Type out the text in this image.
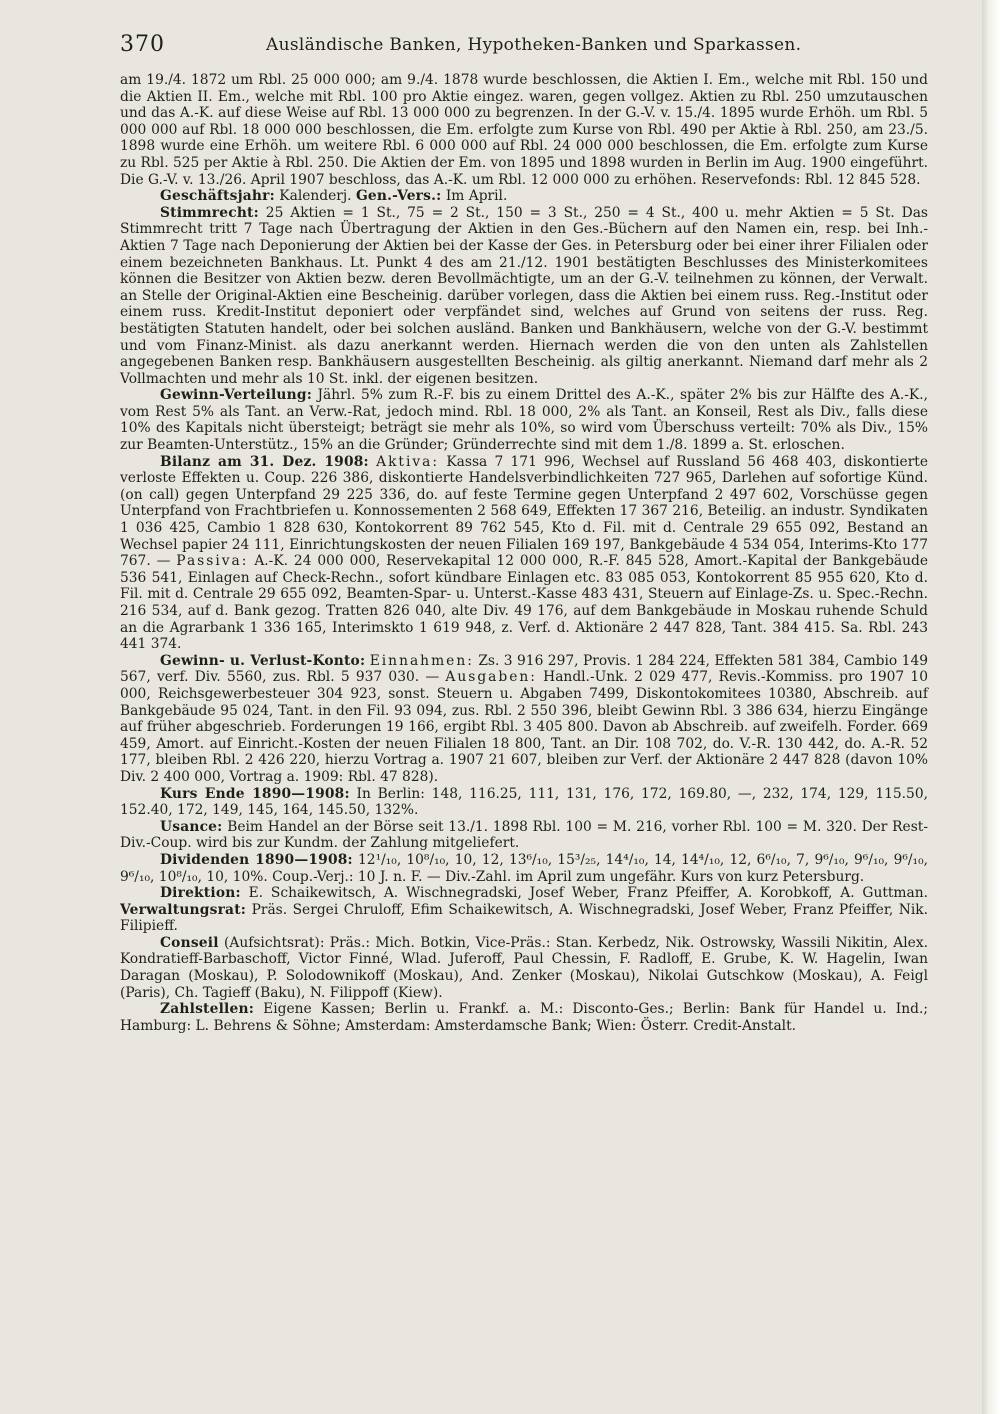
370	Ausländische Banken, Hypotheken-Banken und Sparkassen.

am 19./4. 1872 um Rbl. 25 000 000; am 9./4. 1878 wurde beschlossen, die Aktien I. Em., welche mit Rbl. 150 und die Aktien II. Em., welche mit Rbl. 100 pro Aktie eingez. waren, gegen vollgez. Aktien zu Rbl. 250 umzutauschen und das A.-K. auf diese Weise auf Rbl. 13 000 000 zu begrenzen. In der G.-V. v. 15./4. 1895 wurde Erhöh. um Rbl. 5 000 000 auf Rbl. 18 000 000 beschlossen, die Em. erfolgte zum Kurse von Rbl. 490 per Aktie à Rbl. 250, am 23./5. 1898 wurde eine Erhöh. um weitere Rbl. 6 000 000 auf Rbl. 24 000 000 beschlossen, die Em. erfolgte zum Kurse zu Rbl. 525 per Aktie à Rbl. 250. Die Aktien der Em. von 1895 und 1898 wurden in Berlin im Aug. 1900 eingeführt. Die G.-V. v. 13./26. April 1907 beschloss, das A.-K. um Rbl. 12 000 000 zu erhöhen. Reservefonds: Rbl. 12 845 528.

Geschäftsjahr: Kalenderj. Gen.-Vers.: Im April.

Stimmrecht: 25 Aktien = 1 St., 75 = 2 St., 150 = 3 St., 250 = 4 St., 400 u. mehr Aktien = 5 St. Das Stimmrecht tritt 7 Tage nach Übertragung der Aktien in den Ges.-Büchern auf den Namen ein, resp. bei Inh.-Aktien 7 Tage nach Deponierung der Aktien bei der Kasse der Ges. in Petersburg oder bei einer ihrer Filialen oder einem bezeichneten Bankhaus. Lt. Punkt 4 des am 21./12. 1901 bestätigten Beschlusses des Ministerkomitees können die Besitzer von Aktien bezw. deren Bevollmächtigte, um an der G.-V. teilnehmen zu können, der Verwalt. an Stelle der Original-Aktien eine Bescheinig. darüber vorlegen, dass die Aktien bei einem russ. Reg.-Institut oder einem russ. Kredit-Institut deponiert oder verpfändet sind, welches auf Grund von seitens der russ. Reg. bestätigten Statuten handelt, oder bei solchen ausländ. Banken und Bankhäusern, welche von der G.-V. bestimmt und vom Finanz-Minist. als dazu anerkannt werden. Hiernach werden die von den unten als Zahlstellen angegebenen Banken resp. Bankhäusern ausgestellten Bescheinig. als giltig anerkannt. Niemand darf mehr als 2 Vollmachten und mehr als 10 St. inkl. der eigenen besitzen.

Gewinn-Verteilung: Jährl. 5% zum R.-F. bis zu einem Drittel des A.-K., später 2% bis zur Hälfte des A.-K., vom Rest 5% als Tant. an Verw.-Rat, jedoch mind. Rbl. 18 000, 2% als Tant. an Konseil, Rest als Div., falls diese 10% des Kapitals nicht übersteigt; beträgt sie mehr als 10%, so wird vom Überschuss verteilt: 70% als Div., 15% zur Beamten-Unterstütz., 15% an die Gründer; Gründerrechte sind mit dem 1./8. 1899 a. St. erloschen.

Bilanz am 31. Dez. 1908: Aktiva: Kassa 7 171 996, Wechsel auf Russland 56 468 403, diskontierte verloste Effekten u. Coup. 226 386, diskontierte Handelsverbindlichkeiten 727 965, Darlehen auf sofortige Künd. (on call) gegen Unterpfand 29 225 336, do. auf feste Termine gegen Unterpfand 2 497 602, Vorschüsse gegen Unterpfand von Frachtbriefen u. Konnossementen 2 568 649, Effekten 17 367 216, Beteilig. an industr. Syndikaten 1 036 425, Cambio 1 828 630, Kontokorrent 89 762 545, Kto d. Fil. mit d. Centrale 29 655 092, Bestand an Wechsel papier 24 111, Einrichtungskosten der neuen Filialen 169 197, Bankgebäude 4 534 054, Interims-Kto 177 767. — Passiva: A.-K. 24 000 000, Reservekapital 12 000 000, R.-F. 845 528, Amort.-Kapital der Bankgebäude 536 541, Einlagen auf Check-Rechn., sofort kündbare Einlagen etc. 83 085 053, Kontokorrent 85 955 620, Kto d. Fil. mit d. Centrale 29 655 092, Beamten-Spar- u. Unterst.-Kasse 483 431, Steuern auf Einlage-Zs. u. Spec.-Rechn. 216 534, auf d. Bank gezog. Tratten 826 040, alte Div. 49 176, auf dem Bankgebäude in Moskau ruhende Schuld an die Agrarbank 1 336 165, Interimskto 1 619 948, z. Verf. d. Aktionäre 2 447 828, Tant. 384 415. Sa. Rbl. 243 441 374.

Gewinn- u. Verlust-Konto: Einnahmen: Zs. 3 916 297, Provis. 1 284 224, Effekten 581 384, Cambio 149 567, verf. Div. 5560, zus. Rbl. 5 937 030. — Ausgaben: Handl.-Unk. 2 029 477, Revis.-Kommiss. pro 1907 10 000, Reichsgewerbesteuer 304 923, sonst. Steuern u. Abgaben 7499, Diskontokomitees 10380, Abschreib. auf Bankgebäude 95 024, Tant. in den Fil. 93 094, zus. Rbl. 2 550 396, bleibt Gewinn Rbl. 3 386 634, hierzu Eingänge auf früher abgeschrieb. Forderungen 19 166, ergibt Rbl. 3 405 800. Davon ab Abschreib. auf zweifelh. Forder. 669 459, Amort. auf Einricht.-Kosten der neuen Filialen 18 800, Tant. an Dir. 108 702, do. V.-R. 130 442, do. A.-R. 52 177, bleiben Rbl. 2 426 220, hierzu Vortrag a. 1907 21 607, bleiben zur Verf. der Aktionäre 2 447 828 (davon 10% Div. 2 400 000, Vortrag a. 1909: Rbl. 47 828).

Kurs Ende 1890—1908: In Berlin: 148, 116.25, 111, 131, 176, 172, 169.80, —, 232, 174, 129, 115.50, 152.40, 172, 149, 145, 164, 145.50, 132%.

Usance: Beim Handel an der Börse seit 13./1. 1898 Rbl. 100 = M. 216, vorher Rbl. 100 = M. 320. Der Rest-Div.-Coup. wird bis zur Kundm. der Zahlung mitgeliefert.

Dividenden 1890—1908: 12¹/₁₀, 10⁸/₁₀, 10, 12, 13⁶/₁₀, 15³/₂₅, 14⁴/₁₀, 14, 14⁴/₁₀, 12, 6⁶/₁₀, 7, 9⁶/₁₀, 9⁶/₁₀, 9⁶/₁₀, 9⁶/₁₀, 10⁸/₁₀, 10, 10%. Coup.-Verj.: 10 J. n. F. — Div.-Zahl. im April zum ungefähr. Kurs von kurz Petersburg.

Direktion: E. Schaikewitsch, A. Wischnegradski, Josef Weber, Franz Pfeiffer, A. Korobkoff, A. Guttman. Verwaltungsrat: Präs. Sergei Chruloff, Efim Schaikewitsch, A. Wischnegradski, Josef Weber, Franz Pfeiffer, Nik. Filipieff.

Conseil (Aufsichtsrat): Präs.: Mich. Botkin, Vice-Präs.: Stan. Kerbedz, Nik. Ostrowsky, Wassili Nikitin, Alex. Kondratieff-Barbaschoff, Victor Finné, Wlad. Juferoff, Paul Chessin, F. Radloff, E. Grube, K. W. Hagelin, Iwan Daragan (Moskau), P. Solodownikoff (Moskau), And. Zenker (Moskau), Nikolai Gutschkow (Moskau), A. Feigl (Paris), Ch. Tagieff (Baku), N. Filippoff (Kiew).

Zahlstellen: Eigene Kassen; Berlin u. Frankf. a. M.: Disconto-Ges.; Berlin: Bank für Handel u. Ind.; Hamburg: L. Behrens & Söhne; Amsterdam: Amsterdamsche Bank; Wien: Österr. Credit-Anstalt.
